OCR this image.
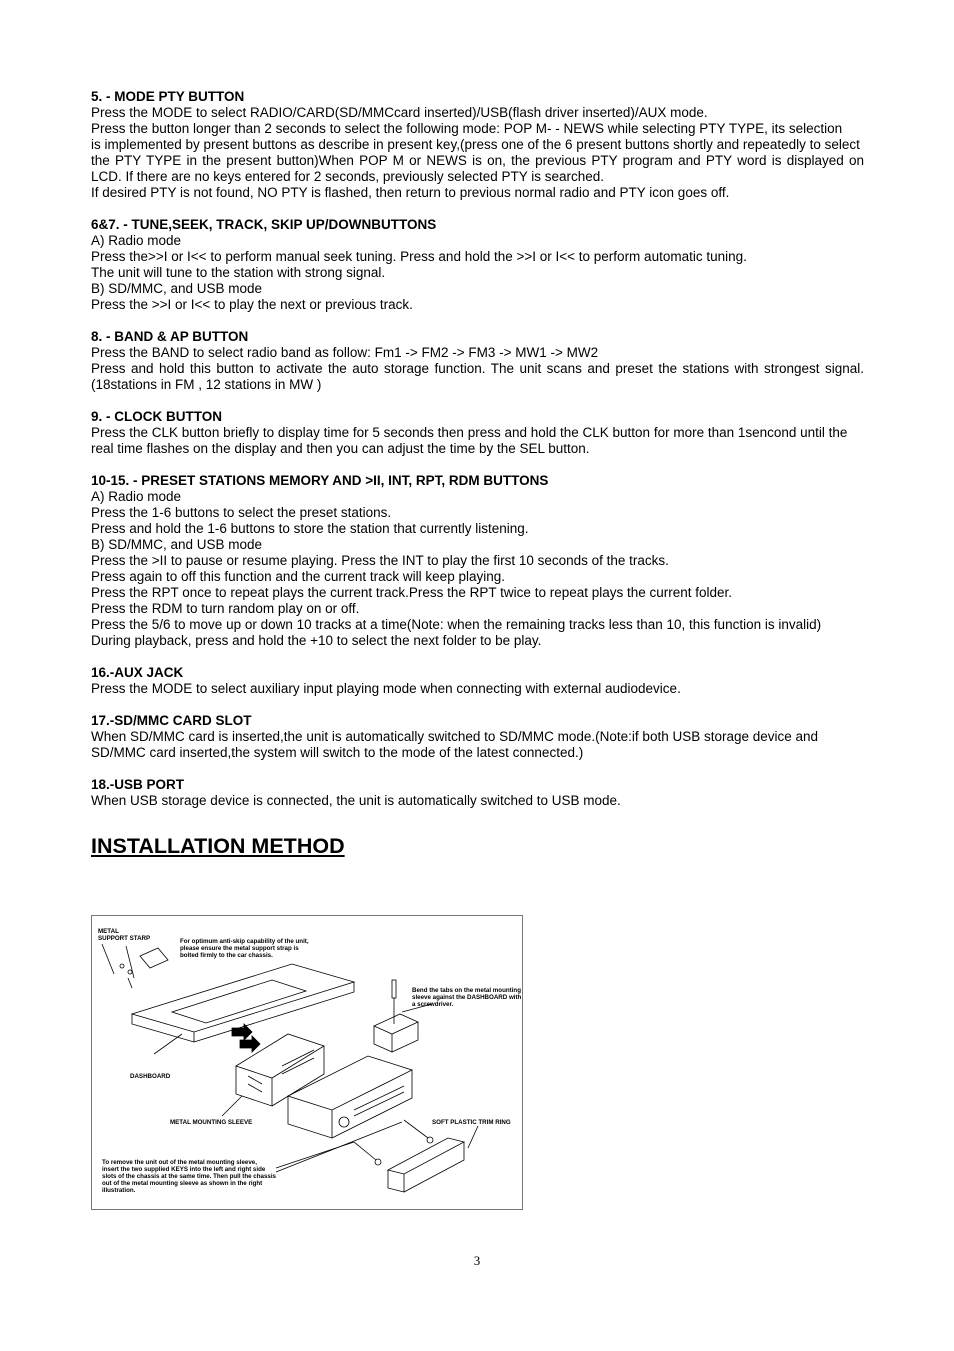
5. - MODE PTY BUTTON
Press the MODE to select RADIO/CARD(SD/MMCcard inserted)/USB(flash driver inserted)/AUX mode.
Press the button longer than 2 seconds to select the following mode: POP M- - NEWS while selecting PTY TYPE, its selection
is implemented by present buttons as describe in present key,(press one of the 6 present buttons shortly and repeatedly to select
the PTY TYPE in the present button)When POP M or NEWS is on, the previous PTY program and PTY word is displayed on LCD. If there are no keys entered for 2 seconds, previously selected PTY is searched.
If desired PTY is not found, NO PTY is flashed, then return to previous normal radio and PTY icon goes off.
6&7. - TUNE,SEEK, TRACK, SKIP UP/DOWNBUTTONS
A) Radio mode
Press the>>I or I<< to perform manual seek tuning. Press and hold the >>I or I<< to perform automatic tuning.
The unit will tune to the station with strong signal.
B) SD/MMC, and USB mode
Press the >>I or I<< to play the next or previous track.
8. - BAND & AP BUTTON
Press the BAND to select radio band as follow: Fm1 -> FM2 -> FM3 -> MW1 -> MW2
Press and hold this button to activate the auto storage function. The unit scans and preset the stations with strongest signal.(18stations in FM , 12 stations in MW )
9. - CLOCK BUTTON
Press the CLK button briefly to display time for 5 seconds then press and hold the CLK button for more than 1sencond until the real time flashes on the display and then you can adjust the time by the SEL button.
10-15. - PRESET STATIONS MEMORY AND >II, INT, RPT, RDM BUTTONS
A) Radio mode
Press the 1-6 buttons to select the preset stations.
Press and hold the 1-6 buttons to store the station that currently listening.
B) SD/MMC, and USB mode
Press the >II to pause or resume playing. Press the INT to play the first 10 seconds of the tracks.
Press again to off this function and the current track will keep playing.
Press the RPT once to repeat plays the current track.Press the RPT twice to repeat plays the current folder.
Press the RDM to turn random play on or off.
Press the 5/6 to move up or down 10 tracks at a time(Note: when the remaining tracks less than 10, this function is invalid)
During playback, press and hold the +10 to select the next folder to be play.
16.-AUX JACK
Press the MODE to select auxiliary input playing mode when connecting with external audiodevice.
17.-SD/MMC CARD SLOT
When SD/MMC card is inserted,the unit is automatically switched to SD/MMC mode.(Note:if both USB storage device and SD/MMC card inserted,the system will switch to the mode of the latest connected.)
18.-USB PORT
When USB storage device is connected, the unit is automatically switched to USB mode.
INSTALLATION METHOD
METAL
SUPPORT STARP	For optimum anti-skip capability of the unit,
please ensure the metal support strap is
bolted firmly to the car chassis.
Bend the tabs on the metal mounting
sleeve against the DASHBOARD with
a screwdriver.
DASHBOARD
METAL MOUNTING SLEEVE	SOFT PLASTIC TRIM RING
To remove the unit out of the metal mounting sleeve,
insert the two supplied KEYS into the left and right side
slots of the chassis at the same time. Then pull the chassis
out of the metal mounting sleeve as shown in the right
illustration.
3
